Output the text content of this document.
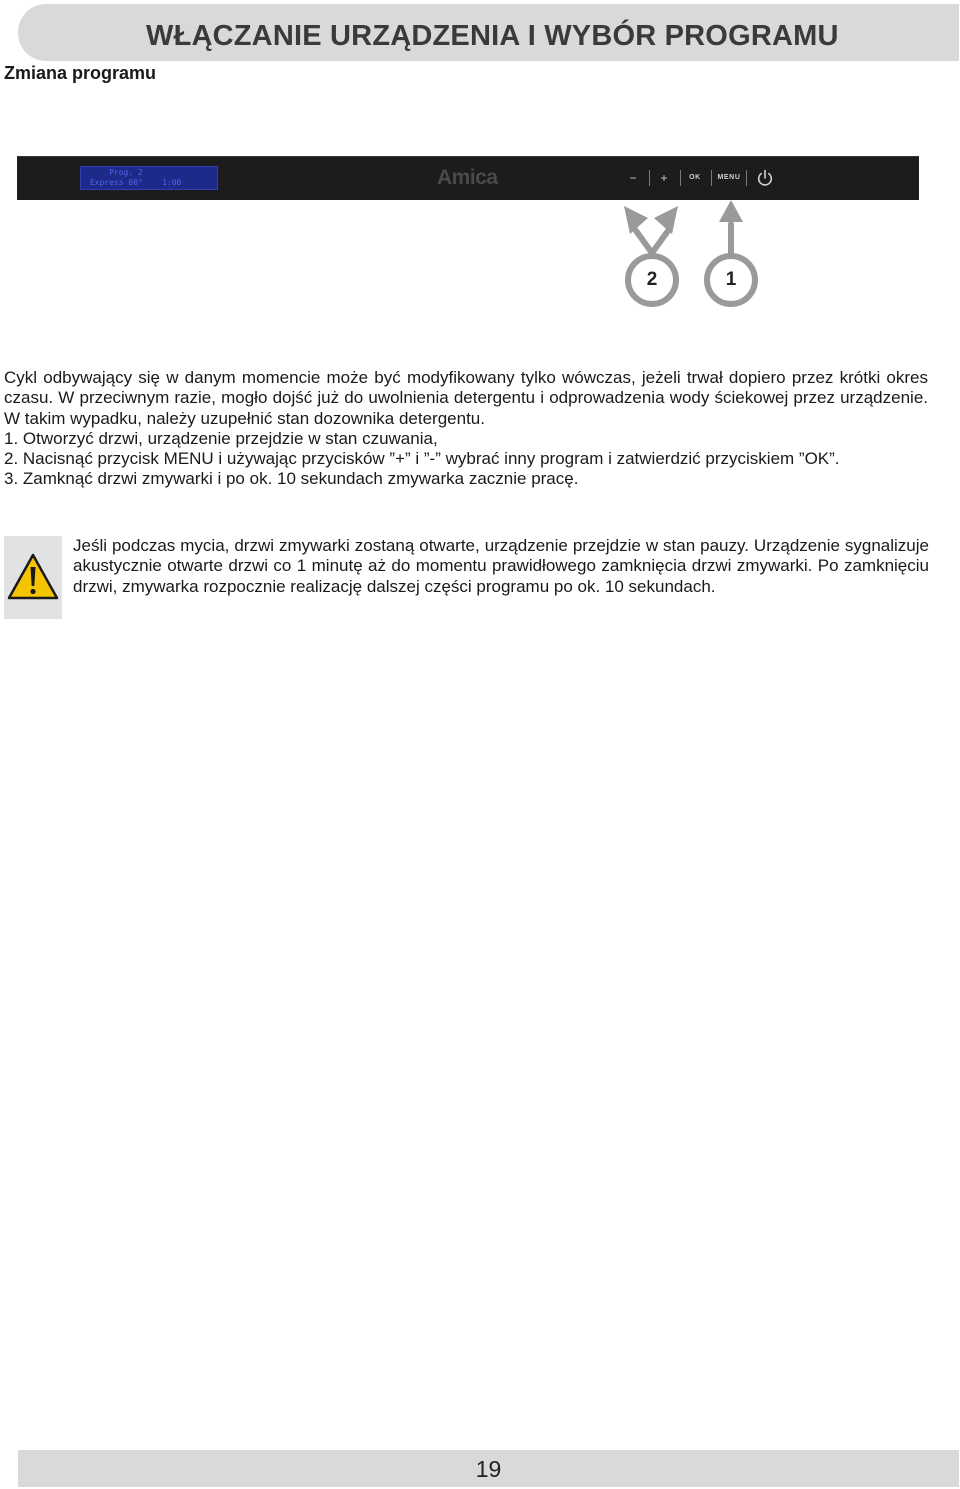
WŁĄCZANIE URZĄDZENIA I WYBÓR PROGRAMU
Zmiana programu
Prog. 2
Express 60°    1:00	Amica	−	+	OK	MENU
2	1

Cykl odbywający się w danym momencie może być modyfikowany tylko wówczas, jeżeli trwał dopiero przez krótki okres czasu. W przeciwnym razie, mogło dojść już do uwolnienia detergentu i odprowadzenia wody ściekowej przez urządzenie. W takim wypadku, należy uzupełnić stan dozownika detergentu.

1. Otworzyć drzwi, urządzenie przejdzie w stan czuwania,

2. Nacisnąć przycisk MENU i używając przycisków ”+” i ”-” wybrać inny program i zatwierdzić przyciskiem ”OK”.

3. Zamknąć drzwi zmywarki i po ok. 10 sekundach zmywarka zacznie pracę.

Jeśli podczas mycia, drzwi zmywarki zostaną otwarte, urządzenie przejdzie w stan pauzy. Urządzenie sygnalizuje akustycznie otwarte drzwi co 1 minutę aż do momentu prawidłowego zamknięcia drzwi zmywarki. Po zamknięciu drzwi, zmywarka rozpocznie realizację dalszej części programu po ok. 10 sekundach.

19
